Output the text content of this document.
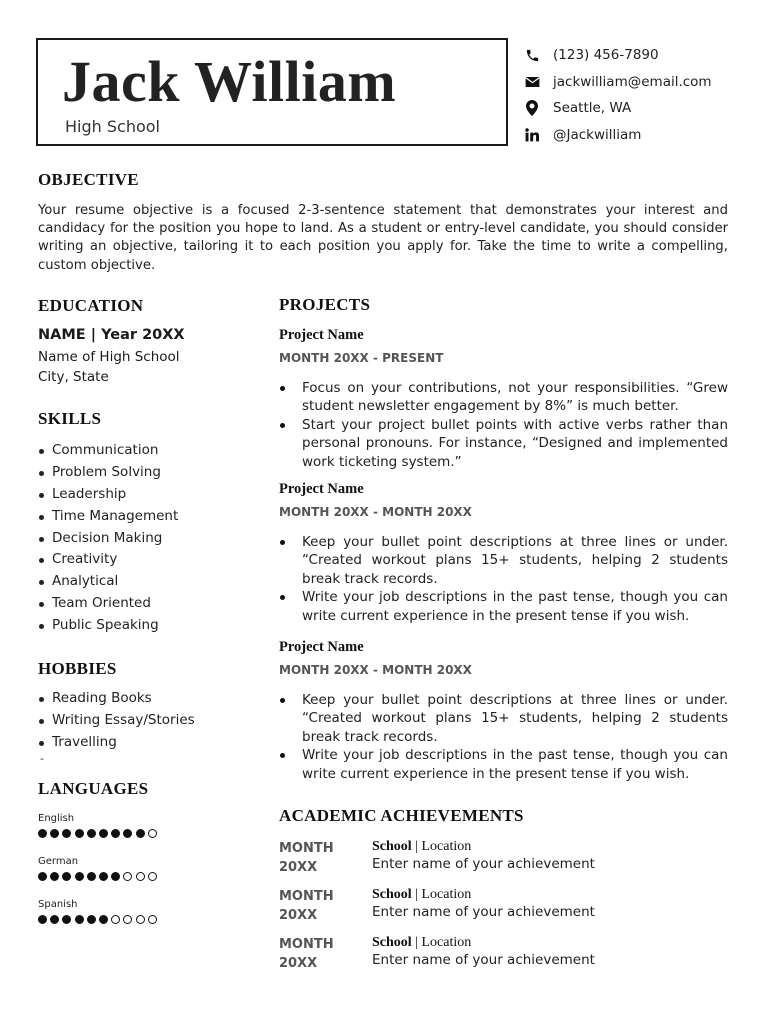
Jack William
High School
(123) 456-7890
jackwilliam@email.com
Seattle, WA
@Jackwilliam
OBJECTIVE
Your resume objective is a focused 2-3-sentence statement that demonstrates your interest and candidacy for the position you hope to land. As a student or entry-level candidate, you should consider writing an objective, tailoring it to each position you apply for. Take the time to write a compelling, custom objective.
EDUCATION
NAME | Year 20XX
Name of High School
City, State
SKILLS
Communication
Problem Solving
Leadership
Time Management
Decision Making
Creativity
Analytical
Team Oriented
Public Speaking
HOBBIES
Reading Books
Writing Essay/Stories
Travelling
-
LANGUAGES
English
German
Spanish
PROJECTS
Project Name
MONTH 20XX - PRESENT
Focus on your contributions, not your responsibilities. “Grew student newsletter engagement by 8%” is much better.
Start your project bullet points with active verbs rather than personal pronouns. For instance, “Designed and implemented work ticketing system.”
Project Name
MONTH 20XX - MONTH 20XX
Keep your bullet point descriptions at three lines or under. “Created workout plans 15+ students, helping 2 students break track records.
Write your job descriptions in the past tense, though you can write current experience in the present tense if you wish.
Project Name
MONTH 20XX - MONTH 20XX
Keep your bullet point descriptions at three lines or under. “Created workout plans 15+ students, helping 2 students break track records.
Write your job descriptions in the past tense, though you can write current experience in the present tense if you wish.
ACADEMIC ACHIEVEMENTS
MONTH
20XX
School | Location
Enter name of your achievement
MONTH
20XX
School | Location
Enter name of your achievement
MONTH
20XX
School | Location
Enter name of your achievement
